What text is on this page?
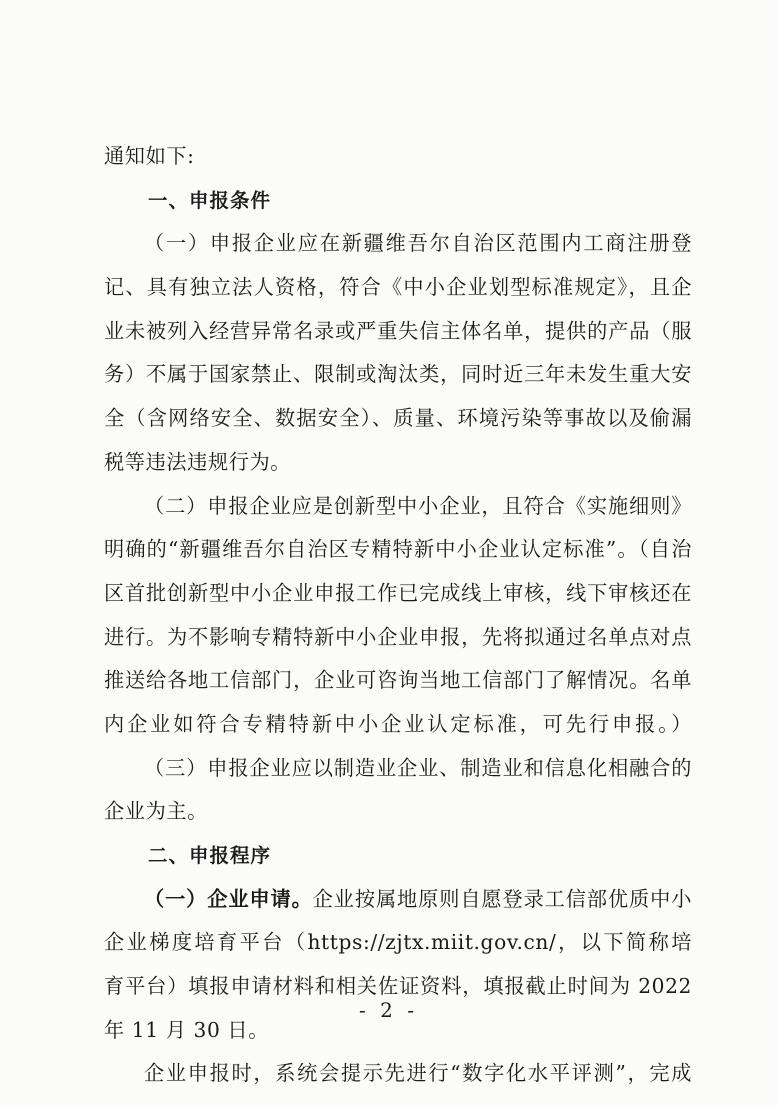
通知如下:
一、申报条件
（一）申报企业应在新疆维吾尔自治区范围内工商注册登
记、具有独立法人资格，符合《中小企业划型标准规定》，且企
业未被列入经营异常名录或严重失信主体名单，提供的产品（服
务）不属于国家禁止、限制或淘汰类，同时近三年未发生重大安
全（含网络安全、数据安全）、质量、环境污染等事故以及偷漏
税等违法违规行为。
（二）申报企业应是创新型中小企业，且符合《实施细则》
明确的“新疆维吾尔自治区专精特新中小企业认定标准”。（自治
区首批创新型中小企业申报工作已完成线上审核，线下审核还在
进行。为不影响专精特新中小企业申报，先将拟通过名单点对点
推送给各地工信部门，企业可咨询当地工信部门了解情况。名单
内企业如符合专精特新中小企业认定标准，可先行申报。）
（三）申报企业应以制造业企业、制造业和信息化相融合的
企业为主。
二、申报程序
（一）企业申请。企业按属地原则自愿登录工信部优质中小
企业梯度培育平台（https://zjtx.miit.gov.cn/，以下简称培
育平台）填报申请材料和相关佐证资料，填报截止时间为 2022
年 11 月 30 日。
企业申报时，系统会提示先进行“数字化水平评测”，完成
- 2 -
